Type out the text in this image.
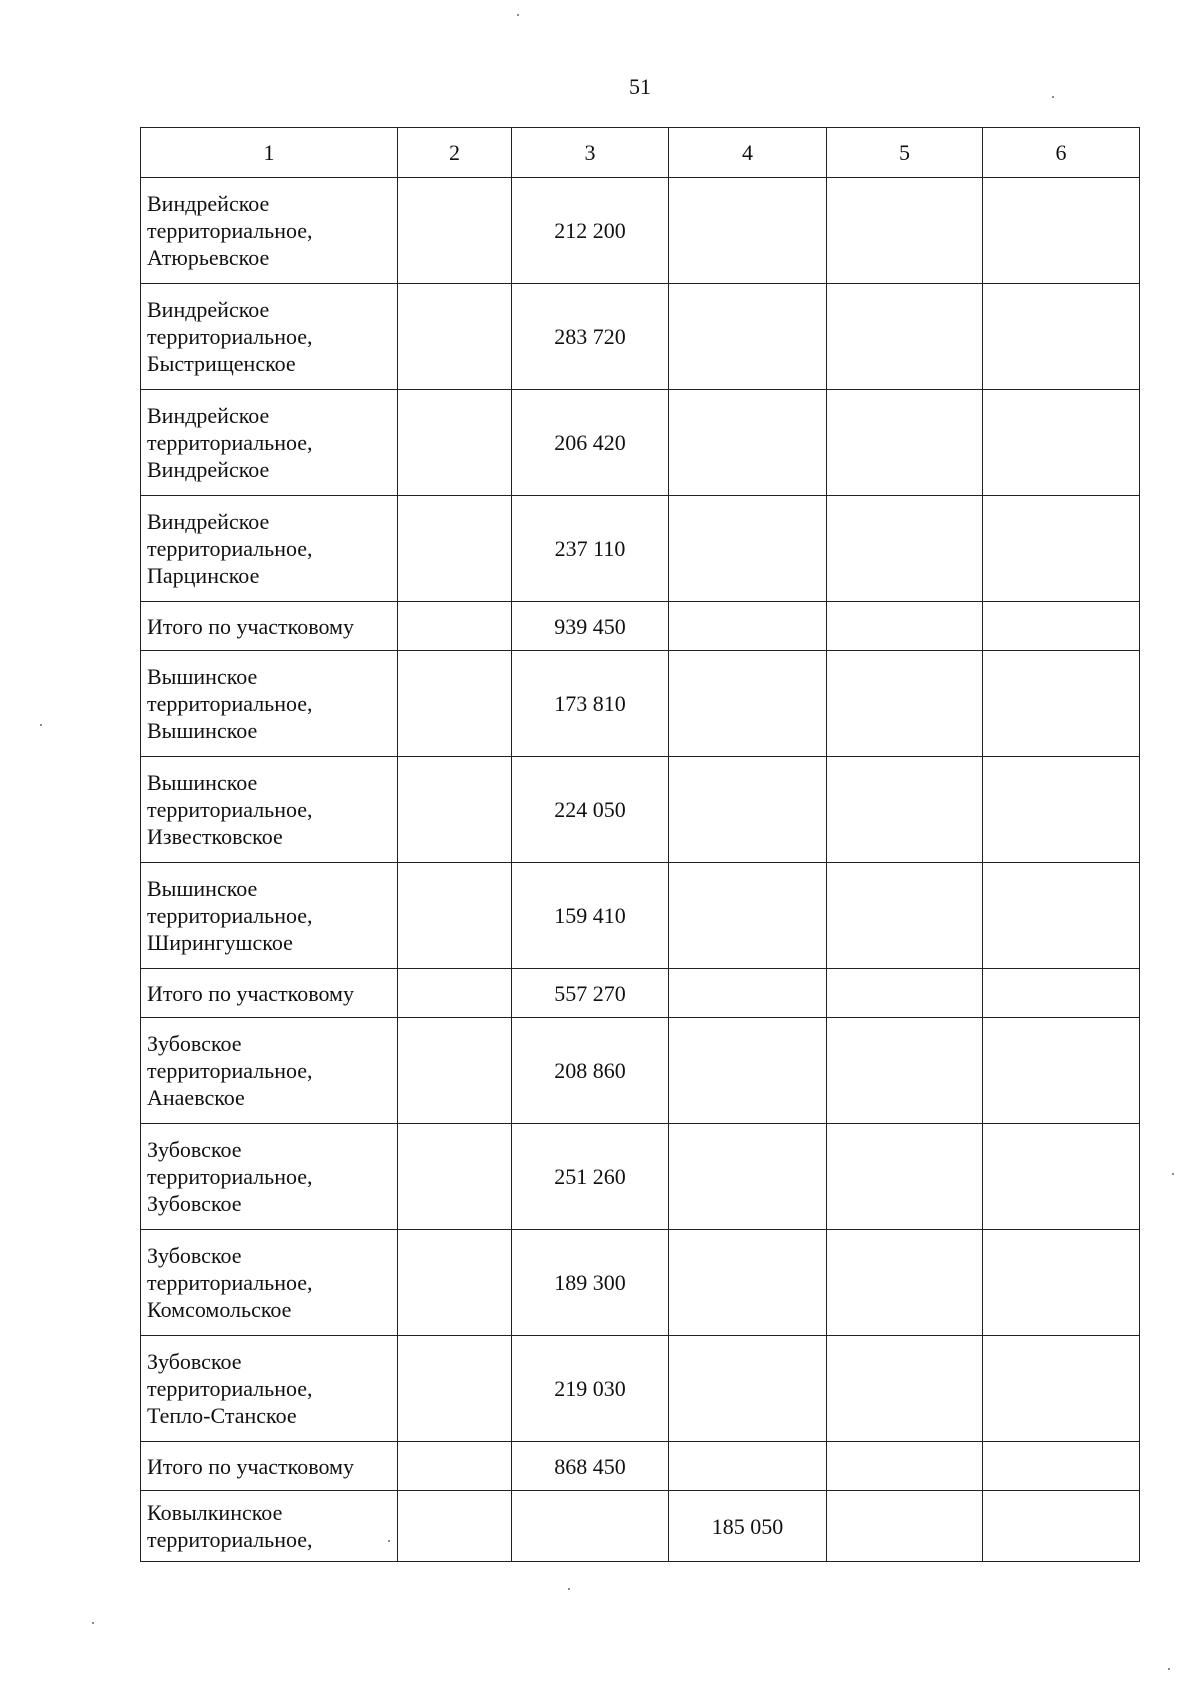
51
1	2	3	4	5	6

Виндрейское
территориальное,
Атюрьевское		212 200			

Виндрейское
территориальное,
Быстрищенское		283 720			

Виндрейское
территориальное,
Виндрейское		206 420			

Виндрейское
территориальное,
Парцинское		237 110			

Итого по участковому		939 450			

Вышинское
территориальное,
Вышинское		173 810			

Вышинское
территориальное,
Известковское		224 050			

Вышинское
территориальное,
Ширингушское		159 410			

Итого по участковому		557 270			

Зубовское
территориальное,
Анаевское		208 860			

Зубовское
территориальное,
Зубовское		251 260			

Зубовское
территориальное,
Комсомольское		189 300			

Зубовское
территориальное,
Тепло-Станское		219 030			

Итого по участковому		868 450			

Ковылкинское
территориальное,			185 050		
